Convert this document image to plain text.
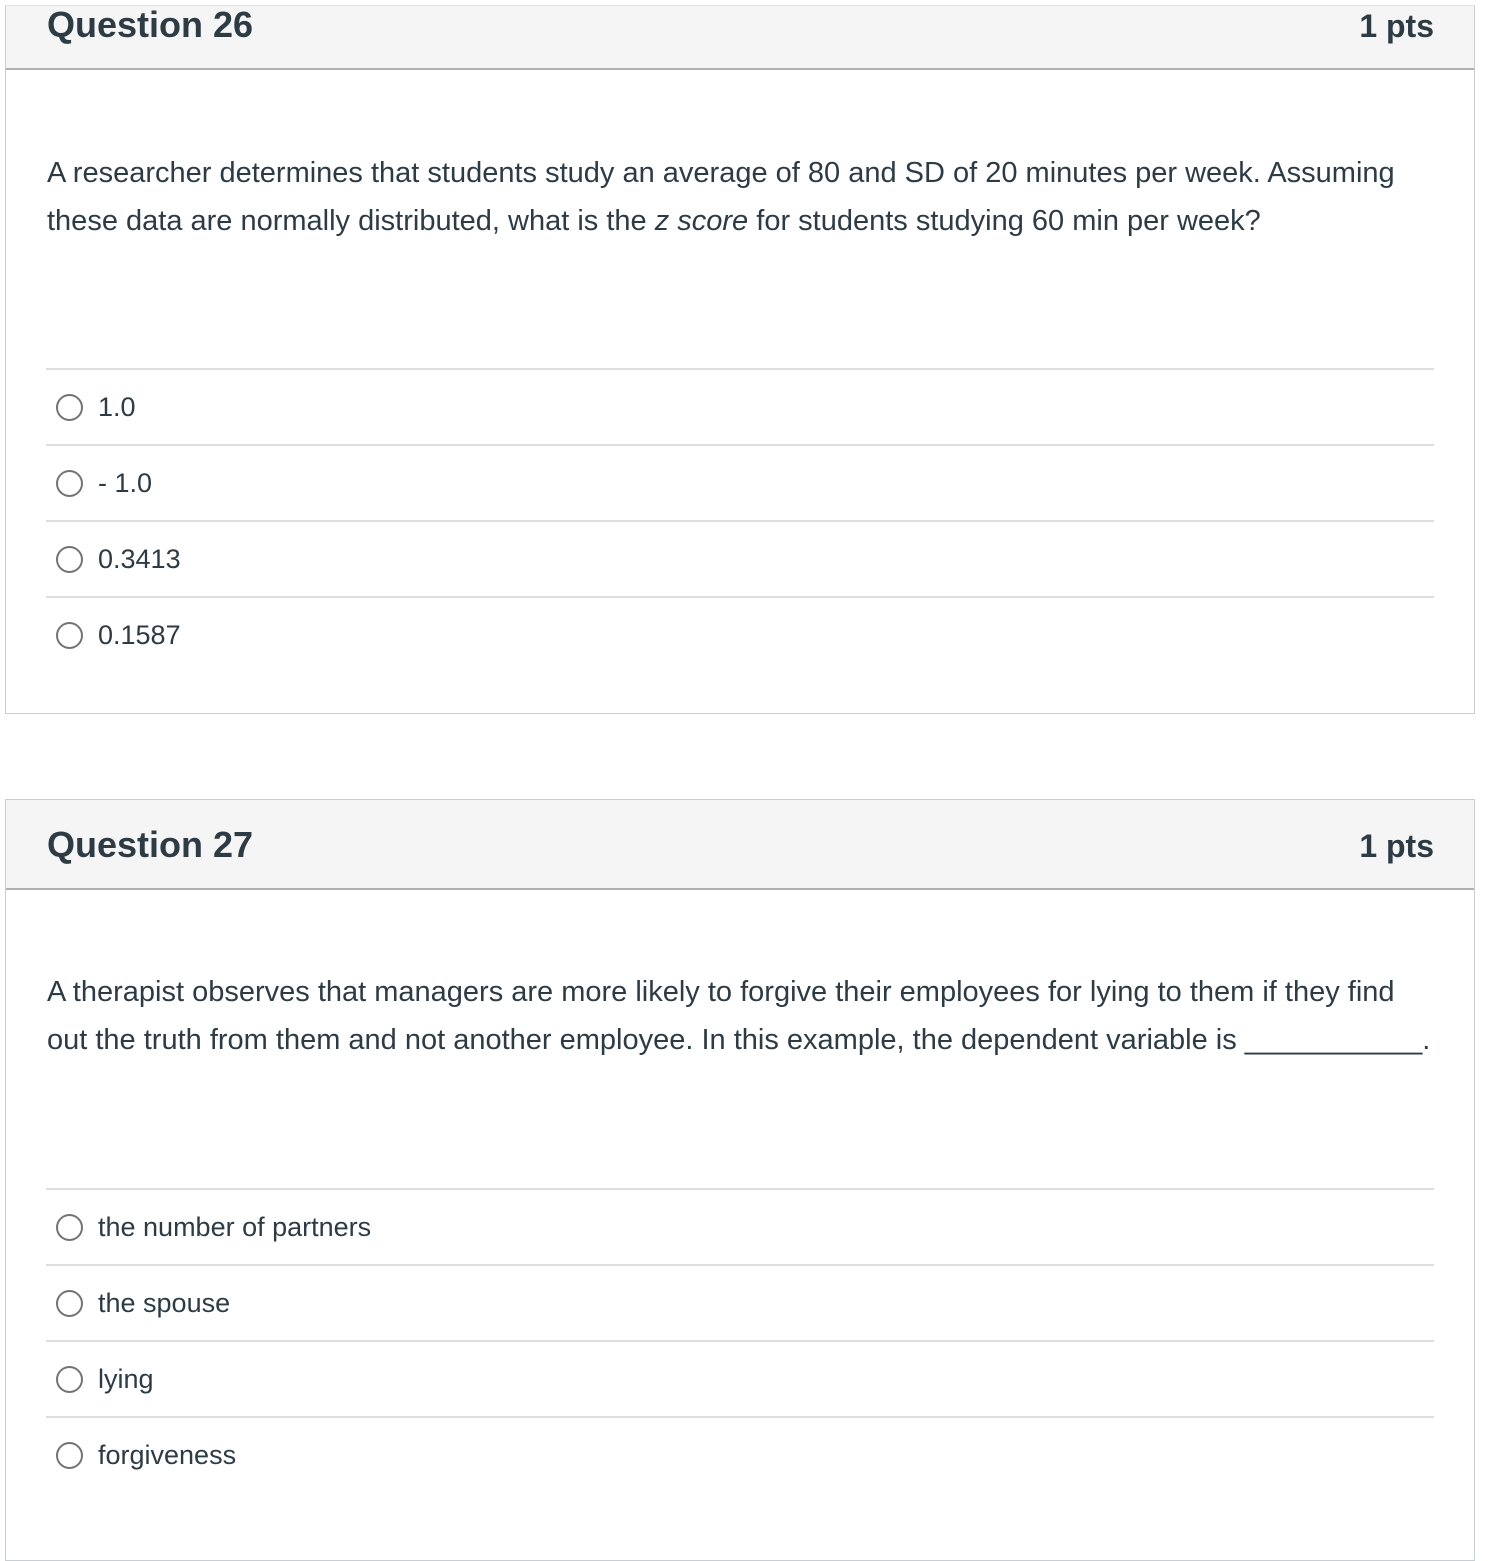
Question 26	1 pts
A researcher determines that students study an average of 80 and SD of 20 minutes per week. Assuming these data are normally distributed, what is the z score for students studying 60 min per week?
1.0
- 1.0
0.3413
0.1587
Question 27	1 pts
A therapist observes that managers are more likely to forgive their employees for lying to them if they find out the truth from them and not another employee. In this example, the dependent variable is ___________.
the number of partners
the spouse
lying
forgiveness
